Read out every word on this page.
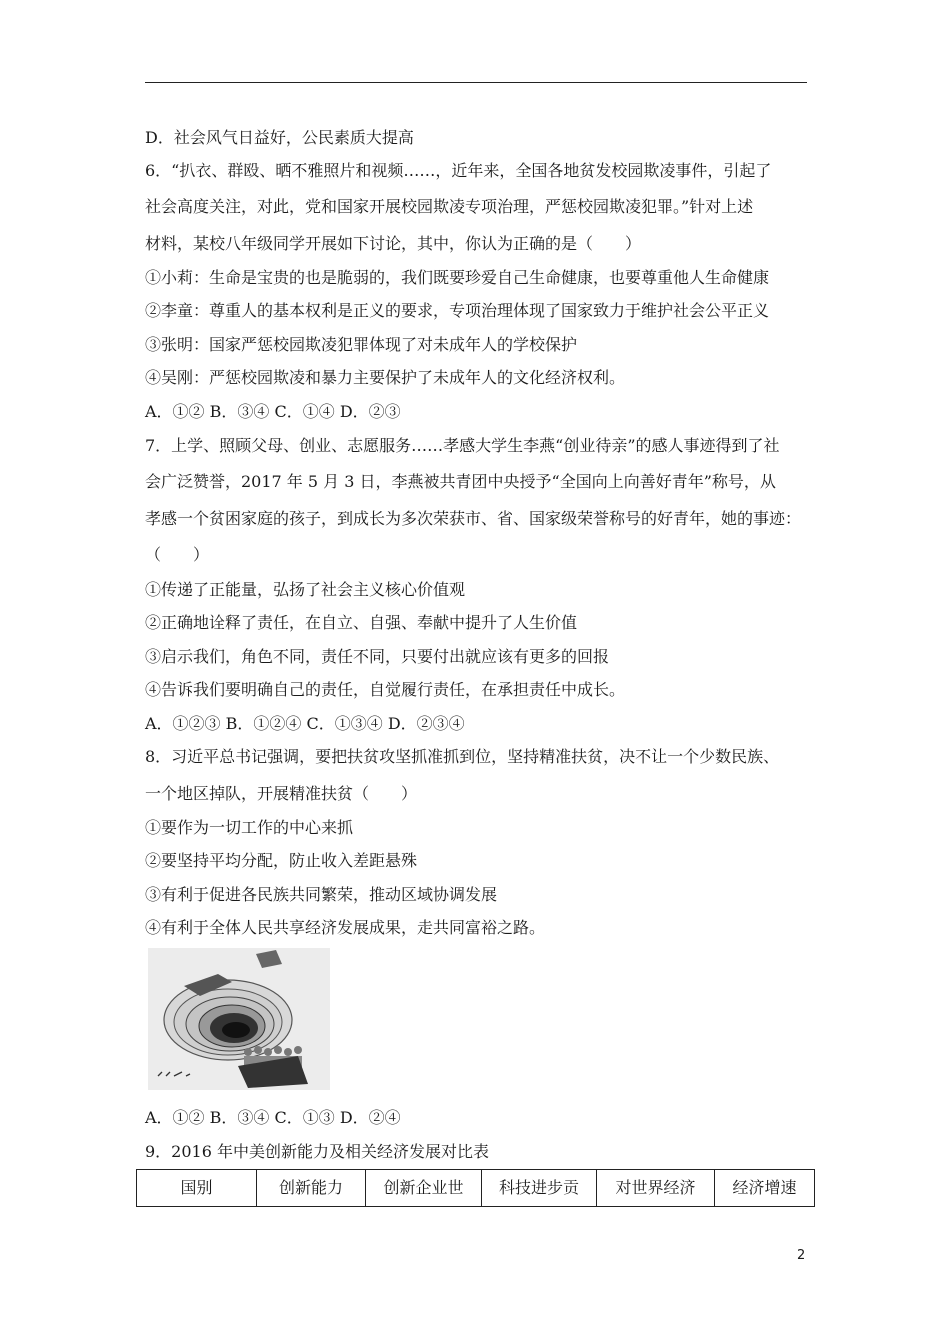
D．社会风气日益好，公民素质大提高
6．“扒衣、群殴、晒不雅照片和视频……，近年来，全国各地贫发校园欺凌事件，引起了
社会高度关注，对此，党和国家开展校园欺凌专项治理，严惩校园欺凌犯罪。”针对上述
材料，某校八年级同学开展如下讨论，其中，你认为正确的是（　　）
①小莉：生命是宝贵的也是脆弱的，我们既要珍爱自己生命健康，也要尊重他人生命健康
②李童：尊重人的基本权利是正义的要求，专项治理体现了国家致力于维护社会公平正义
③张明：国家严惩校园欺凌犯罪体现了对未成年人的学校保护
④吴刚：严惩校园欺凌和暴力主要保护了未成年人的文化经济权利。
A．①② B．③④ C．①④ D．②③
7．上学、照顾父母、创业、志愿服务……孝感大学生李燕“创业待亲”的感人事迹得到了社
会广泛赞誉，2017 年 5 月 3 日，李燕被共青团中央授予“全国向上向善好青年”称号，从
孝感一个贫困家庭的孩子，到成长为多次荣获市、省、国家级荣誉称号的好青年，她的事迹：
（　　）
①传递了正能量，弘扬了社会主义核心价值观
②正确地诠释了责任，在自立、自强、奉献中提升了人生价值
③启示我们，角色不同，责任不同，只要付出就应该有更多的回报
④告诉我们要明确自己的责任，自觉履行责任，在承担责任中成长。
A．①②③ B．①②④ C．①③④ D．②③④
8．习近平总书记强调，要把扶贫攻坚抓准抓到位，坚持精准扶贫，决不让一个少数民族、
一个地区掉队，开展精准扶贫（　　）
①要作为一切工作的中心来抓
②要坚持平均分配，防止收入差距悬殊
③有利于促进各民族共同繁荣，推动区域协调发展
④有利于全体人民共享经济发展成果，走共同富裕之路。
A．①② B．③④ C．①③ D．②④
9．2016 年中美创新能力及相关经济发展对比表
国别	创新能力	创新企业世	科技进步贡	对世界经济	经济增速
2
